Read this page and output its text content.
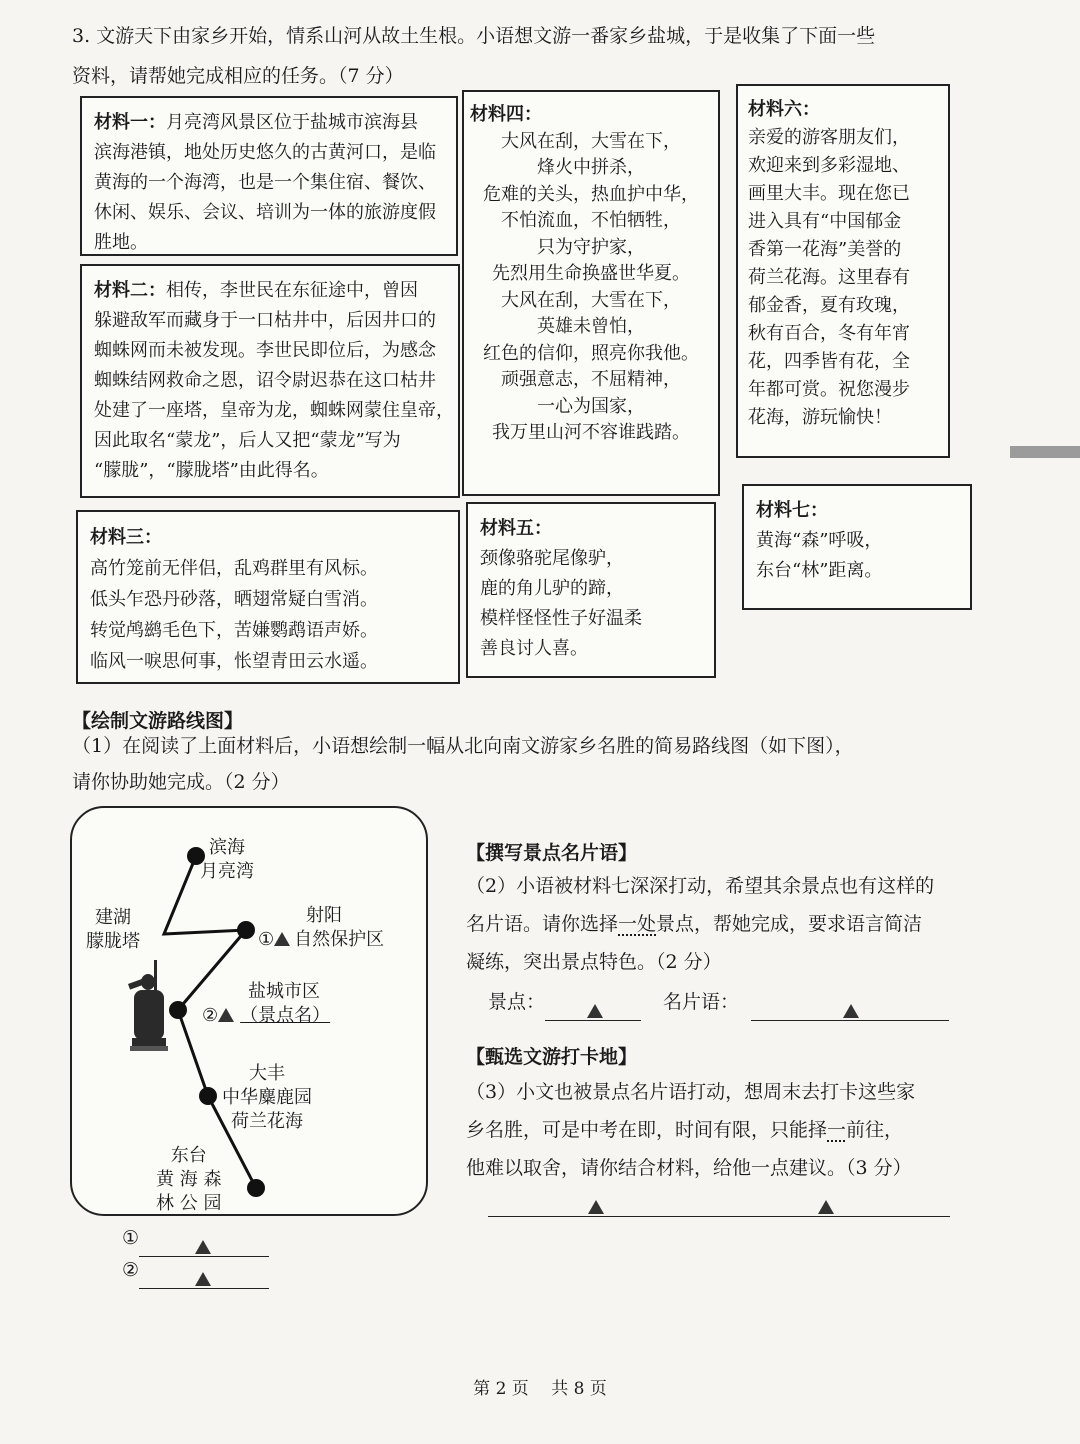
3. 文游天下由家乡开始，情系山河从故土生根。小语想文游一番家乡盐城，于是收集了下面一些
资料，请帮她完成相应的任务。（7 分）
材料一：月亮湾风景区位于盐城市滨海县
滨海港镇，地处历史悠久的古黄河口，是临
黄海的一个海湾，也是一个集住宿、餐饮、
休闲、娱乐、会议、培训为一体的旅游度假
胜地。
材料二：相传，李世民在东征途中，曾因
躲避敌军而藏身于一口枯井中，后因井口的
蜘蛛网而未被发现。李世民即位后，为感念
蜘蛛结网救命之恩，诏令尉迟恭在这口枯井
处建了一座塔，皇帝为龙，蜘蛛网蒙住皇帝，
因此取名“蒙龙”，后人又把“蒙龙”写为
“朦胧”，“朦胧塔”由此得名。
材料三：
高竹笼前无伴侣，乱鸡群里有风标。
低头乍恐丹砂落，晒翅常疑白雪消。
转觉鸬鹚毛色下，苦嫌鹦鹉语声娇。
临风一唳思何事，怅望青田云水遥。
材料四：
大风在刮，大雪在下，
烽火中拼杀，
危难的关头，热血护中华，
不怕流血，不怕牺牲，
只为守护家，
先烈用生命换盛世华夏。
大风在刮，大雪在下，
英雄未曾怕，
红色的信仰，照亮你我他。
顽强意志，不屈精神，
一心为国家，
我万里山河不容谁践踏。
材料五：
颈像骆驼尾像驴，
鹿的角儿驴的蹄，
模样怪怪性子好温柔
善良讨人喜。
材料六：
亲爱的游客朋友们，
欢迎来到多彩湿地、
画里大丰。现在您已
进入具有“中国郁金
香第一花海”美誉的
荷兰花海。这里春有
郁金香，夏有玫瑰，
秋有百合，冬有年宵
花，四季皆有花，全
年都可赏。祝您漫步
花海，游玩愉快！
材料七：
黄海“森”呼吸，
东台“林”距离。
【绘制文游路线图】
（1）在阅读了上面材料后，小语想绘制一幅从北向南文游家乡名胜的简易路线图（如下图），
请你协助她完成。（2 分）
滨海
月亮湾
建湖
朦胧塔
射阳
① 自然保护区
盐城市区
② （景点名）
大丰
中华麋鹿园
荷兰花海
东台
黄 海 森
林 公 园
①
②
【撰写景点名片语】
（2）小语被材料七深深打动，希望其余景点也有这样的
名片语。请你选择一处景点，帮她完成，要求语言简洁
凝练，突出景点特色。（2 分）
景点：	名片语：
【甄选文游打卡地】
（3）小文也被景点名片语打动，想周末去打卡这些家
乡名胜，可是中考在即，时间有限，只能择一前往，
他难以取舍，请你结合材料，给他一点建议。（3 分）
第 2 页　 共 8 页
